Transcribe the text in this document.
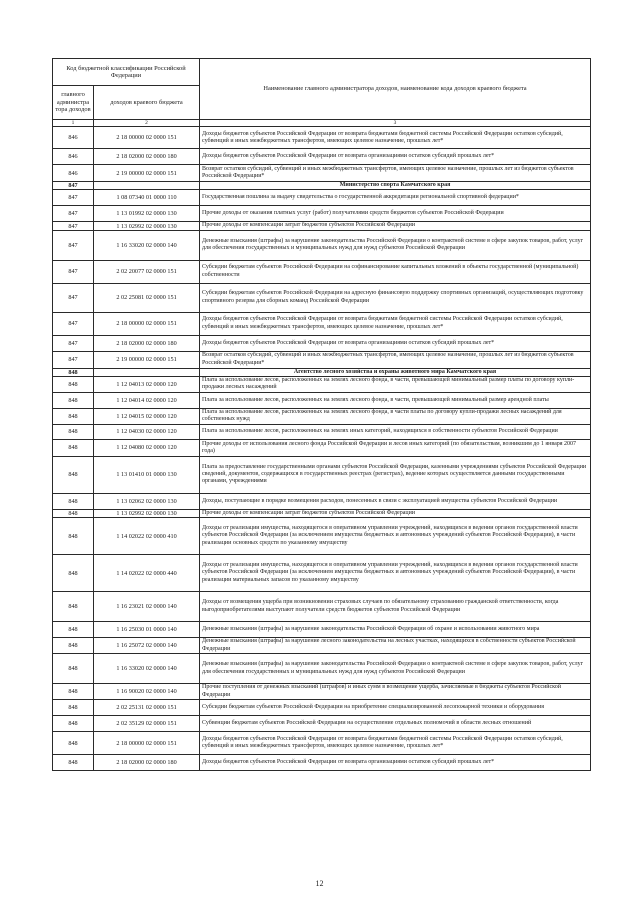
Код бюджетной классификации Российской Федерации		Наименование главного администратора доходов, наименование кода доходов краевого бюджета
главного администра тора доходов	доходов краевого бюджета	
1	2	3
846	2 18 00000 02 0000 151	Доходы бюджетов субъектов Российской Федерации от возврата бюджетами бюджетной системы Российской Федерации остатков субсидий, субвенций и иных межбюджетных трансфертов, имеющих целевое назначение, прошлых лет*
846	2 18 02000 02 0000 180	Доходы бюджетов субъектов Российской Федерации от возврата организациями остатков субсидий прошлых лет*
846	2 19 00000 02 0000 151	Возврат остатков субсидий, субвенций и иных межбюджетных трансфертов, имеющих целевое назначение, прошлых лет из бюджетов субъектов Российской Федерации*
847		Министерство спорта Камчатского края
847	1 08 07340 01 0000 110	Государственная пошлина за выдачу свидетельства о государственной аккредитации региональной спортивной федерации*
847	1 13 01992 02 0000 130	Прочие доходы от оказания платных услуг (работ) получателями средств бюджетов субъектов Российской Федерации
847	1 13 02992 02 0000 130	Прочие доходы от компенсации затрат бюджетов субъектов Российской Федерации
847	1 16 33020 02 0000 140	Денежные взыскания (штрафы) за нарушение законодательства Российской Федерации о контрактной системе в сфере закупок товаров, работ, услуг для обеспечения государственных и муниципальных нужд для нужд субъектов Российской Федерации
847	2 02 20077 02 0000 151	Субсидии бюджетам субъектов Российской Федерации на софинансирование капитальных вложений в объекты государственной (муниципальной) собственности
847	2 02 25081 02 0000 151	Субсидии бюджетам субъектов Российской Федерации на адресную финансовую поддержку спортивных организаций, осуществляющих подготовку спортивного резерва для сборных команд Российской Федерации
847	2 18 00000 02 0000 151	Доходы бюджетов субъектов Российской Федерации от возврата бюджетами бюджетной системы Российской Федерации остатков субсидий, субвенций и иных межбюджетных трансфертов, имеющих целевое назначение, прошлых лет*
847	2 18 02000 02 0000 180	Доходы бюджетов субъектов Российской Федерации от возврата организациями остатков субсидий прошлых лет*
847	2 19 00000 02 0000 151	Возврат остатков субсидий, субвенций и иных межбюджетных трансфертов, имеющих целевое назначение, прошлых лет из бюджетов субъектов Российской Федерации*
848		Агентство лесного хозяйства и охраны животного мира Камчатского края
848	1 12 04013 02 0000 120	Плата за использование лесов, расположенных на землях лесного фонда, в части, превышающей минимальный размер платы по договору купли-продажи лесных насаждений
848	1 12 04014 02 0000 120	Плата за использование лесов, расположенных на землях лесного фонда, в части, превышающей минимальный размер арендной платы
848	1 12 04015 02 0000 120	Плата за использование лесов, расположенных на землях лесного фонда, в части платы по договору купли-продажи лесных насаждений для собственных нужд
848	1 12 04030 02 0000 120	Плата за использование лесов, расположенных на землях иных категорий, находящихся в собственности субъектов Российской Федерации
848	1 12 04080 02 0000 120	Прочие доходы от использования лесного фонда Российской Федерации и лесов иных категорий (по обязательствам, возникшим до 1 января 2007 года)
848	1 13 01410 01 0000 130	Плата за предоставление государственными органами субъектов Российской Федерации, казенными учреждениями субъектов Российской Федерации сведений, документов, содержащихся в государственных реестрах (регистрах), ведение которых осуществляется данными государственными органами, учреждениями
848	1 13 02062 02 0000 130	Доходы, поступающие в порядке возмещения расходов, понесенных в связи с эксплуатацией имущества субъектов Российской Федерации
848	1 13 02992 02 0000 130	Прочие доходы от компенсации затрат бюджетов субъектов Российской Федерации
848	1 14 02022 02 0000 410	Доходы от реализации имущества, находящегося в оперативном управлении учреждений, находящихся в ведении органов государственной власти субъектов Российской Федерации (за исключением имущества бюджетных и автономных учреждений субъектов Российской Федерации), в части реализации основных средств по указанному имуществу
848	1 14 02022 02 0000 440	Доходы от реализации имущества, находящегося в оперативном управлении учреждений, находящихся в ведении органов государственной власти субъектов Российской Федерации (за исключением имущества бюджетных и автономных учреждений субъектов Российской Федерации), в части реализации материальных запасов по указанному имуществу
848	1 16 23021 02 0000 140	Доходы от возмещения ущерба при возникновении страховых случаев по обязательному страхованию гражданской ответственности, когда выгодоприобретателями выступают получатели средств бюджетов субъектов Российской Федерации
848	1 16 25030 01 0000 140	Денежные взыскания (штрафы) за нарушение законодательства Российской Федерации об охране и использовании животного мира
848	1 16 25072 02 0000 140	Денежные взыскания (штрафы) за нарушение лесного законодательства на лесных участках, находящихся в собственности субъектов Российской Федерации
848	1 16 33020 02 0000 140	Денежные взыскания (штрафы) за нарушение законодательства Российской Федерации о контрактной системе в сфере закупок товаров, работ, услуг для обеспечения государственных и муниципальных нужд для нужд субъектов Российской Федерации
848	1 16 90020 02 0000 140	Прочие поступления от денежных взысканий (штрафов) и иных сумм в возмещение ущерба, зачисляемые в бюджеты субъектов Российской Федерации
848	2 02 25131 02 0000 151	Субсидии бюджетам субъектов Российской Федерации на приобретение специализированной лесопожарной техники и оборудования
848	2 02 35129 02 0000 151	Субвенции бюджетам субъектов Российской Федерации на осуществление отдельных полномочий в области лесных отношений
848	2 18 00000 02 0000 151	Доходы бюджетов субъектов Российской Федерации от возврата бюджетами бюджетной системы Российской Федерации остатков субсидий, субвенций и иных межбюджетных трансфертов, имеющих целевое назначение, прошлых лет*
848	2 18 02000 02 0000 180	Доходы бюджетов субъектов Российской Федерации от возврата организациями остатков субсидий прошлых лет*
12
